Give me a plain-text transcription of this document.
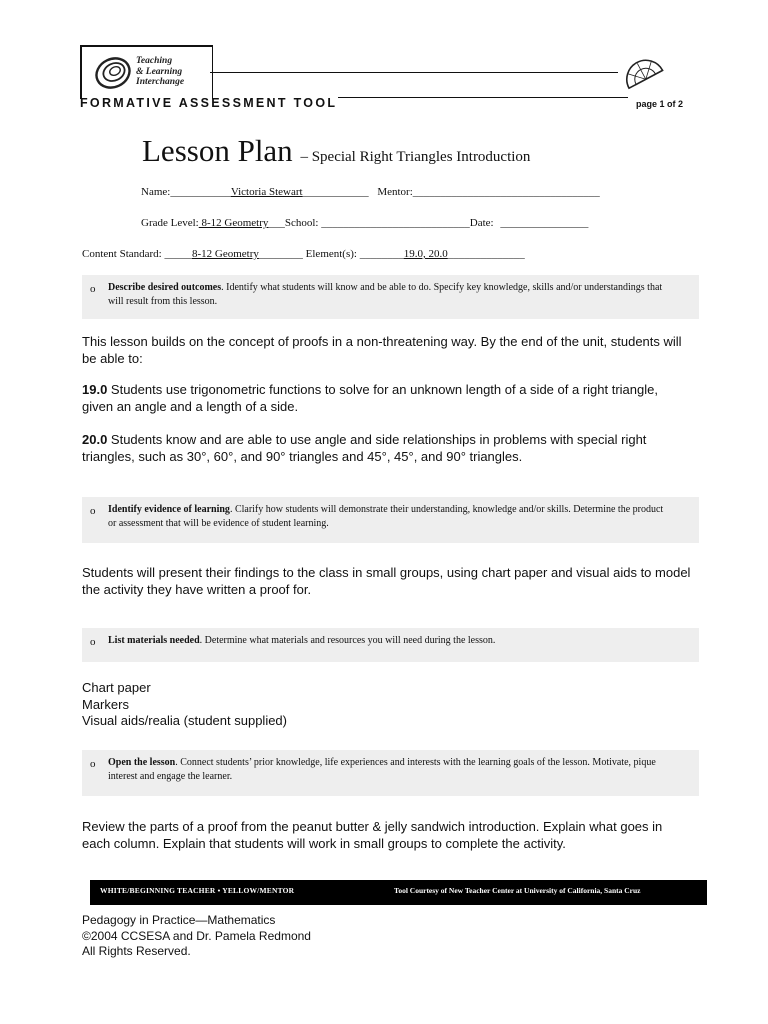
Teaching
& Learning
Interchange
FORMATIVE ASSESSMENT TOOL	page 1 of 2
Lesson Plan – Special Right Triangles Introduction
Name:___________Victoria Stewart____________ Mentor:__________________________________
Grade Level: 8-12 Geometry___School: ___________________________Date: ________________
Content Standard: _____8-12 Geometry________ Element(s): ________19.0, 20.0______________
o Describe desired outcomes. Identify what students will know and be able to do. Specify key knowledge, skills and/or understandings that will result from this lesson.
This lesson builds on the concept of proofs in a non-threatening way. By the end of the unit, students will be able to:
19.0 Students use trigonometric functions to solve for an unknown length of a side of a right triangle, given an angle and a length of a side.
20.0 Students know and are able to use angle and side relationships in problems with special right triangles, such as 30°, 60°, and 90° triangles and 45°, 45°, and 90° triangles.
o Identify evidence of learning. Clarify how students will demonstrate their understanding, knowledge and/or skills. Determine the product or assessment that will be evidence of student learning.
Students will present their findings to the class in small groups, using chart paper and visual aids to model the activity they have written a proof for.
o List materials needed. Determine what materials and resources you will need during the lesson.
Chart paper
Markers
Visual aids/realia (student supplied)
o Open the lesson. Connect students’ prior knowledge, life experiences and interests with the learning goals of the lesson. Motivate, pique interest and engage the learner.
Review the parts of a proof from the peanut butter & jelly sandwich introduction. Explain what goes in each column. Explain that students will work in small groups to complete the activity.
WHITE/BEGINNING TEACHER • YELLOW/MENTOR	Tool Courtesy of New Teacher Center at University of California, Santa Cruz
Pedagogy in Practice—Mathematics
©2004 CCSESA and Dr. Pamela Redmond
All Rights Reserved.
